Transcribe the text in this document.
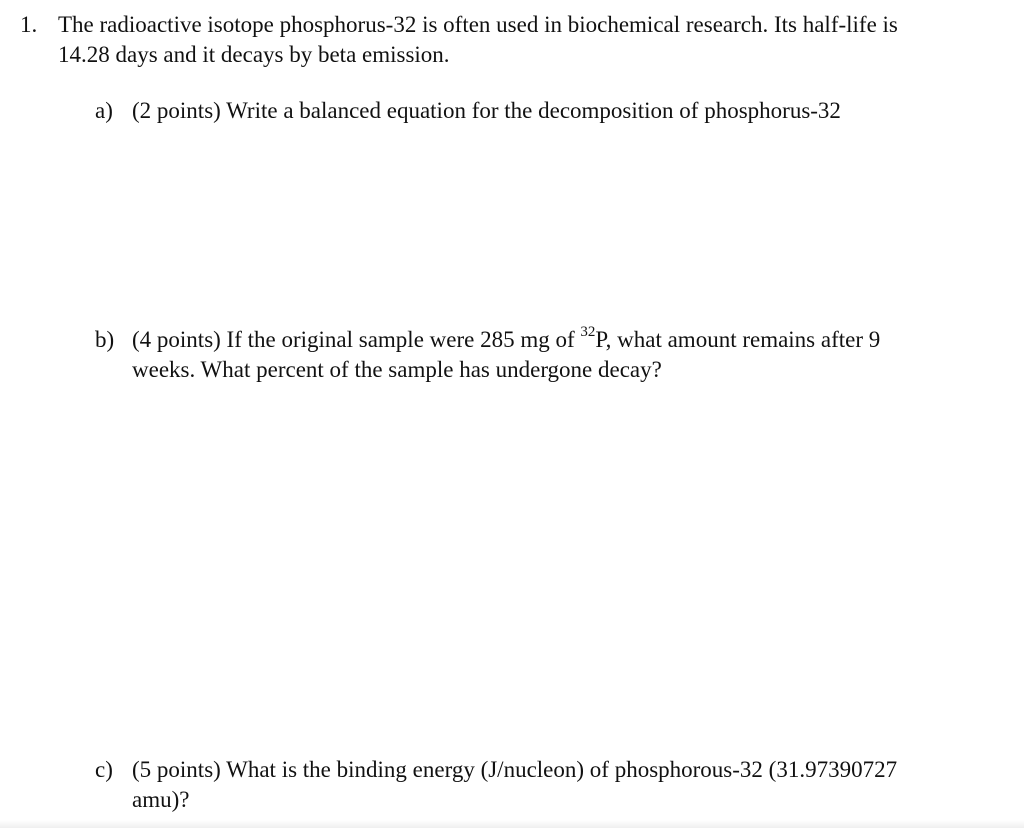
1. The radioactive isotope phosphorus-32 is often used in biochemical research. Its half-life is
14.28 days and it decays by beta emission.
a) (2 points) Write a balanced equation for the decomposition of phosphorus-32
b) (4 points) If the original sample were 285 mg of $^{32}$P, what amount remains after 9
weeks. What percent of the sample has undergone decay?
c) (5 points) What is the binding energy (J/nucleon) of phosphorous-32 (31.97390727
amu)?
